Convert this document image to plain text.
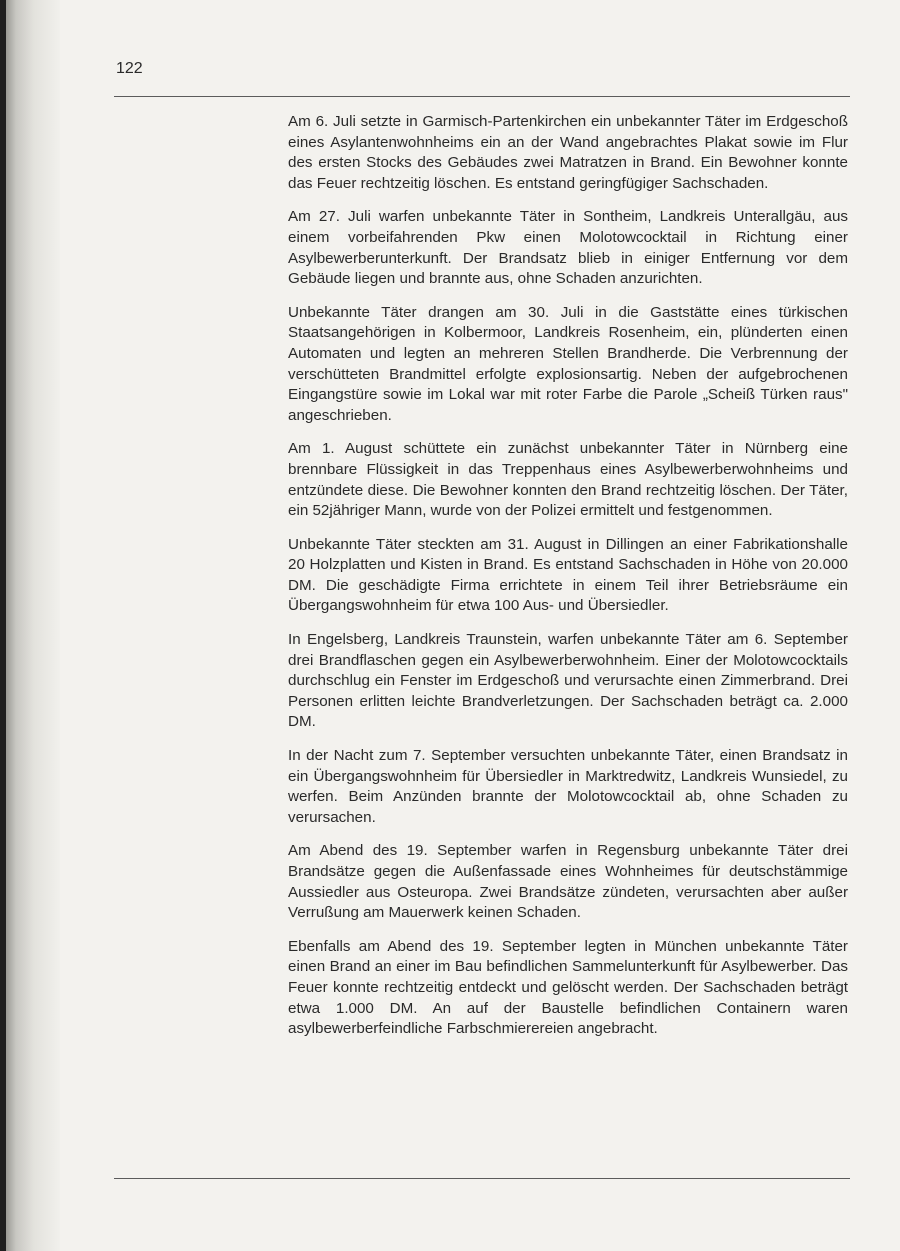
122

Am 6. Juli setzte in Garmisch-Partenkirchen ein unbekannter Täter im Erdgeschoß eines Asylantenwohnheims ein an der Wand angebrachtes Plakat sowie im Flur des ersten Stocks des Gebäudes zwei Matratzen in Brand. Ein Bewohner konnte das Feuer rechtzeitig löschen. Es entstand geringfügiger Sachschaden.

Am 27. Juli warfen unbekannte Täter in Sontheim, Landkreis Unterallgäu, aus einem vorbeifahrenden Pkw einen Molotowcocktail in Richtung einer Asylbewerberunterkunft. Der Brandsatz blieb in einiger Entfernung vor dem Gebäude liegen und brannte aus, ohne Schaden anzurichten.

Unbekannte Täter drangen am 30. Juli in die Gaststätte eines türkischen Staatsangehörigen in Kolbermoor, Landkreis Rosenheim, ein, plünderten einen Automaten und legten an mehreren Stellen Brandherde. Die Verbrennung der verschütteten Brandmittel erfolgte explosionsartig. Neben der aufgebrochenen Eingangstüre sowie im Lokal war mit roter Farbe die Parole „Scheiß Türken raus" angeschrieben.

Am 1. August schüttete ein zunächst unbekannter Täter in Nürnberg eine brennbare Flüssigkeit in das Treppenhaus eines Asylbewerberwohnheims und entzündete diese. Die Bewohner konnten den Brand rechtzeitig löschen. Der Täter, ein 52jähriger Mann, wurde von der Polizei ermittelt und festgenommen.

Unbekannte Täter steckten am 31. August in Dillingen an einer Fabrikationshalle 20 Holzplatten und Kisten in Brand. Es entstand Sachschaden in Höhe von 20.000 DM. Die geschädigte Firma errichtete in einem Teil ihrer Betriebsräume ein Übergangswohnheim für etwa 100 Aus- und Übersiedler.

In Engelsberg, Landkreis Traunstein, warfen unbekannte Täter am 6. September drei Brandflaschen gegen ein Asylbewerberwohnheim. Einer der Molotowcocktails durchschlug ein Fenster im Erdgeschoß und verursachte einen Zimmerbrand. Drei Personen erlitten leichte Brandverletzungen. Der Sachschaden beträgt ca. 2.000 DM.

In der Nacht zum 7. September versuchten unbekannte Täter, einen Brandsatz in ein Übergangswohnheim für Übersiedler in Marktredwitz, Landkreis Wunsiedel, zu werfen. Beim Anzünden brannte der Molotowcocktail ab, ohne Schaden zu verursachen.

Am Abend des 19. September warfen in Regensburg unbekannte Täter drei Brandsätze gegen die Außenfassade eines Wohnheimes für deutschstämmige Aussiedler aus Osteuropa. Zwei Brandsätze zündeten, verursachten aber außer Verrußung am Mauerwerk keinen Schaden.

Ebenfalls am Abend des 19. September legten in München unbekannte Täter einen Brand an einer im Bau befindlichen Sammelunterkunft für Asylbewerber. Das Feuer konnte rechtzeitig entdeckt und gelöscht werden. Der Sachschaden beträgt etwa 1.000 DM. An auf der Baustelle befindlichen Containern waren asylbewerberfeindliche Farbschmierereien angebracht.
